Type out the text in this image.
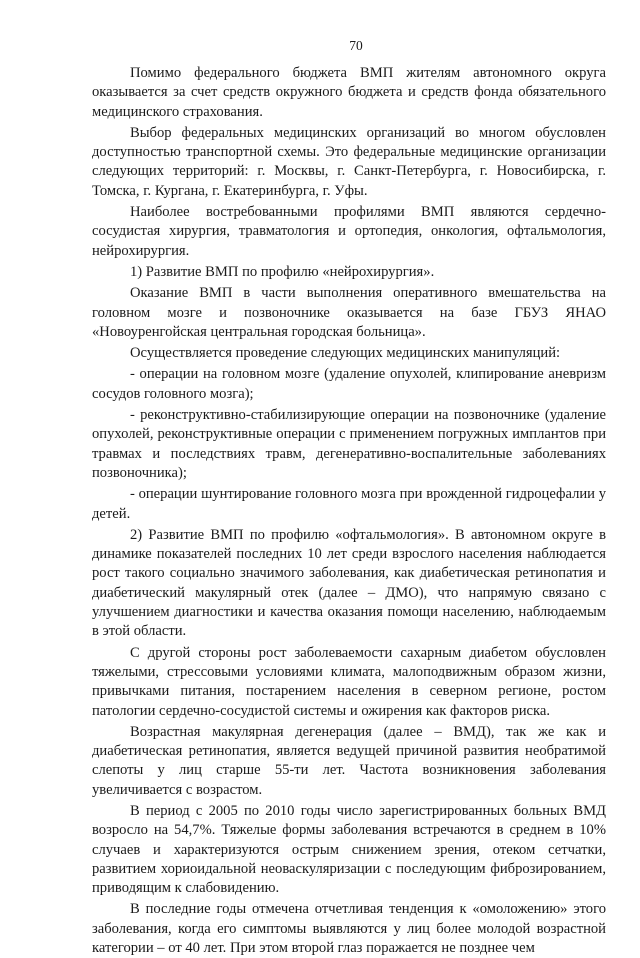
70

Помимо федерального бюджета ВМП жителям автономного округа оказывается за счет средств окружного бюджета и средств фонда обязательного медицинского страхования.

Выбор федеральных медицинских организаций во многом обусловлен доступностью транспортной схемы. Это федеральные медицинские организации следующих территорий: г. Москвы, г. Санкт-Петербурга, г. Новосибирска, г. Томска, г. Кургана, г. Екатеринбурга, г. Уфы.

Наиболее востребованными профилями ВМП являются сердечно-сосудистая хирургия, травматология и ортопедия, онкология, офтальмология, нейрохирургия.

1) Развитие ВМП по профилю «нейрохирургия».

Оказание ВМП в части выполнения оперативного вмешательства на головном мозге и позвоночнике оказывается на базе ГБУЗ ЯНАО «Новоуренгойская центральная городская больница».

Осуществляется проведение следующих медицинских манипуляций:

- операции на головном мозге (удаление опухолей, клипирование аневризм сосудов головного мозга);

- реконструктивно-стабилизирующие операции на позвоночнике (удаление опухолей, реконструктивные операции с применением погружных имплантов при травмах и последствиях травм, дегенеративно-воспалительные заболеваниях позвоночника);

- операции шунтирование головного мозга при врожденной гидроцефалии у детей.

2) Развитие ВМП по профилю «офтальмология». В автономном округе в динамике показателей последних 10 лет среди взрослого населения наблюдается рост такого социально значимого заболевания, как диабетическая ретинопатия и диабетический макулярный отек (далее – ДМО), что напрямую связано с улучшением диагностики и качества оказания помощи населению, наблюдаемым в этой области.

С другой стороны рост заболеваемости сахарным диабетом обусловлен тяжелыми, стрессовыми условиями климата, малоподвижным образом жизни, привычками питания, постарением населения в северном регионе, ростом патологии сердечно-сосудистой системы и ожирения как факторов риска.

Возрастная макулярная дегенерация (далее – ВМД), так же как и диабетическая ретинопатия, является ведущей причиной развития необратимой слепоты у лиц старше 55-ти лет. Частота возникновения заболевания увеличивается с возрастом.

В период с 2005 по 2010 годы число зарегистрированных больных ВМД возросло на 54,7%. Тяжелые формы заболевания встречаются в среднем в 10% случаев и характеризуются острым снижением зрения, отеком сетчатки, развитием хориоидальной неоваскуляризации с последующим фиброзированием, приводящим к слабовидению.

В последние годы отмечена отчетливая тенденция к «омоложению» этого заболевания, когда его симптомы выявляются у лиц более молодой возрастной категории – от 40 лет. При этом второй глаз поражается не позднее чем
